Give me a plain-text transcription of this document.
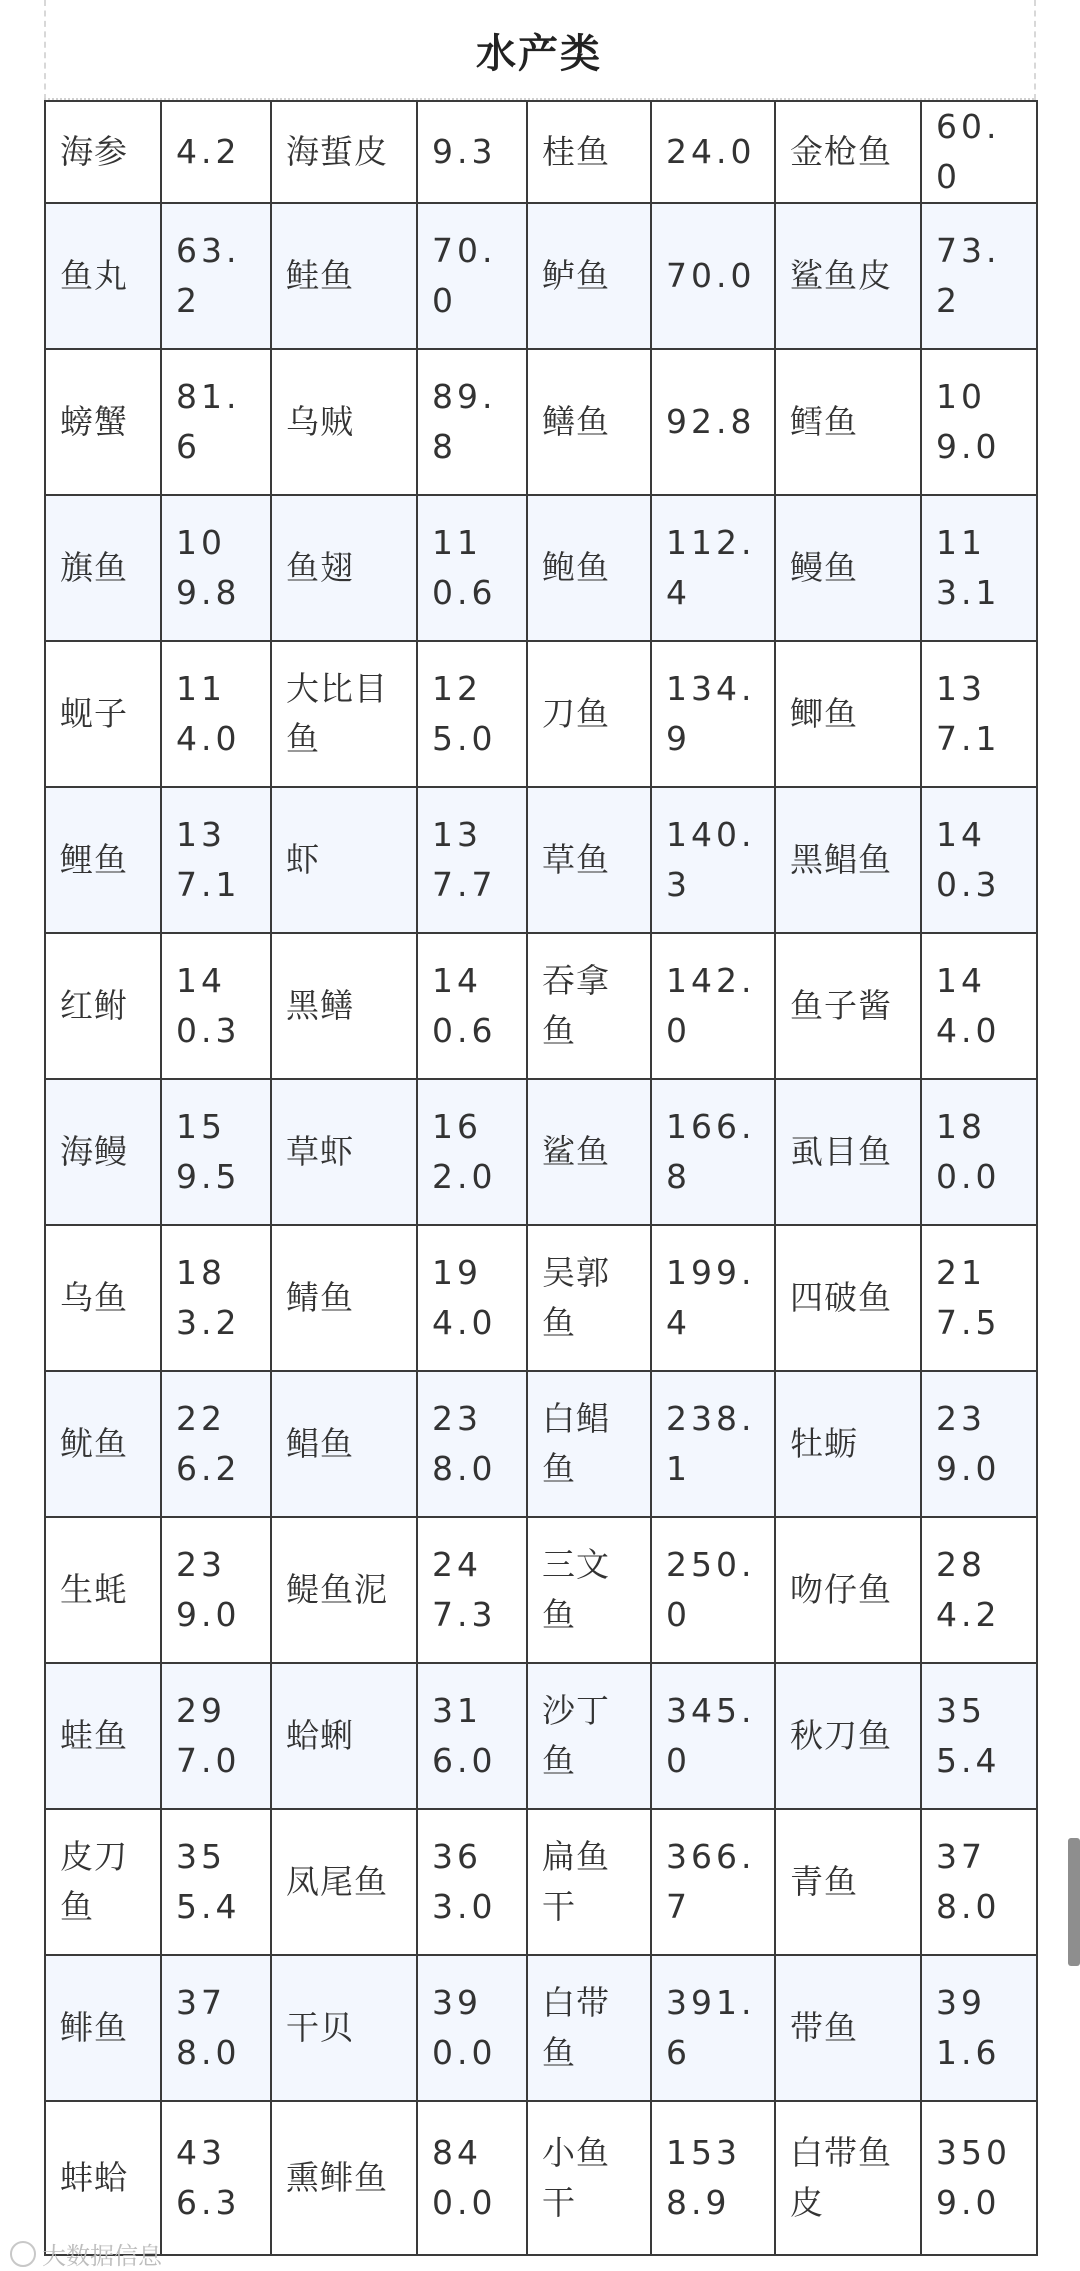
水产类
海参	4.2	海蜇皮	9.3	桂鱼	24.0	金枪鱼	60.0
鱼丸	63.2	鲑鱼	70.0	鲈鱼	70.0	鲨鱼皮	73.2
螃蟹	81.6	乌贼	89.8	鳝鱼	92.8	鳕鱼	109.0
旗鱼	109.8	鱼翅	110.6	鲍鱼	112.4	鳗鱼	113.1
蚬子	114.0	大比目鱼	125.0	刀鱼	134.9	鲫鱼	137.1
鲤鱼	137.1	虾	137.7	草鱼	140.3	黑鲳鱼	140.3
红鲋	140.3	黑鳝	140.6	吞拿鱼	142.0	鱼子酱	144.0
海鳗	159.5	草虾	162.0	鲨鱼	166.8	虱目鱼	180.0
乌鱼	183.2	鲭鱼	194.0	吴郭鱼	199.4	四破鱼	217.5
鱿鱼	226.2	鲳鱼	238.0	白鲳鱼	238.1	牡蛎	239.0
生蚝	239.0	鳀鱼泥	247.3	三文鱼	250.0	吻仔鱼	284.2
蛙鱼	297.0	蛤蜊	316.0	沙丁鱼	345.0	秋刀鱼	355.4
皮刀鱼	355.4	凤尾鱼	363.0	扁鱼干	366.7	青鱼	378.0
鲱鱼	378.0	干贝	390.0	白带鱼	391.6	带鱼	391.6
蚌蛤	436.3	熏鲱鱼	840.0	小鱼干	1538.9	白带鱼皮	3509.0
大数据信息
